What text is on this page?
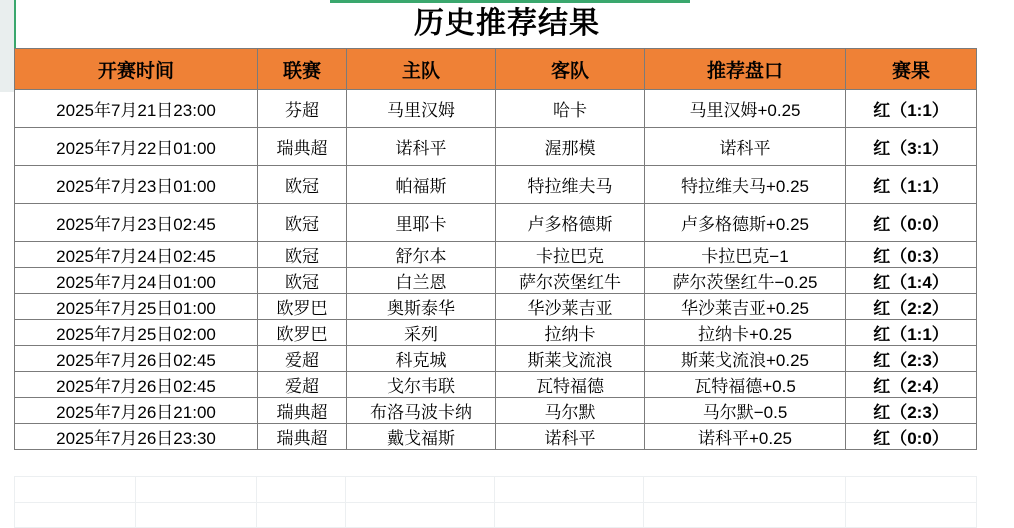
历史推荐结果
开赛时间	联赛	主队	客队	推荐盘口	赛果
2025年7月21日23:00	芬超	马里汉姆	哈卡	马里汉姆+0.25	红（1:1）
2025年7月22日01:00	瑞典超	诺科平	渥那模	诺科平	红（3:1）
2025年7月23日01:00	欧冠	帕福斯	特拉维夫马	特拉维夫马+0.25	红（1:1）
2025年7月23日02:45	欧冠	里耶卡	卢多格德斯	卢多格德斯+0.25	红（0:0）
2025年7月24日02:45	欧冠	舒尔本	卡拉巴克	卡拉巴克−1	红（0:3）
2025年7月24日01:00	欧冠	白兰恩	萨尔茨堡红牛	萨尔茨堡红牛−0.25	红（1:4）
2025年7月25日01:00	欧罗巴	奥斯泰华	华沙莱吉亚	华沙莱吉亚+0.25	红（2:2）
2025年7月25日02:00	欧罗巴	采列	拉纳卡	拉纳卡+0.25	红（1:1）
2025年7月26日02:45	爱超	科克城	斯莱戈流浪	斯莱戈流浪+0.25	红（2:3）
2025年7月26日02:45	爱超	戈尔韦联	瓦特福德	瓦特福德+0.5	红（2:4）
2025年7月26日21:00	瑞典超	布洛马波卡纳	马尔默	马尔默−0.5	红（2:3）
2025年7月26日23:30	瑞典超	戴戈福斯	诺科平	诺科平+0.25	红（0:0）
